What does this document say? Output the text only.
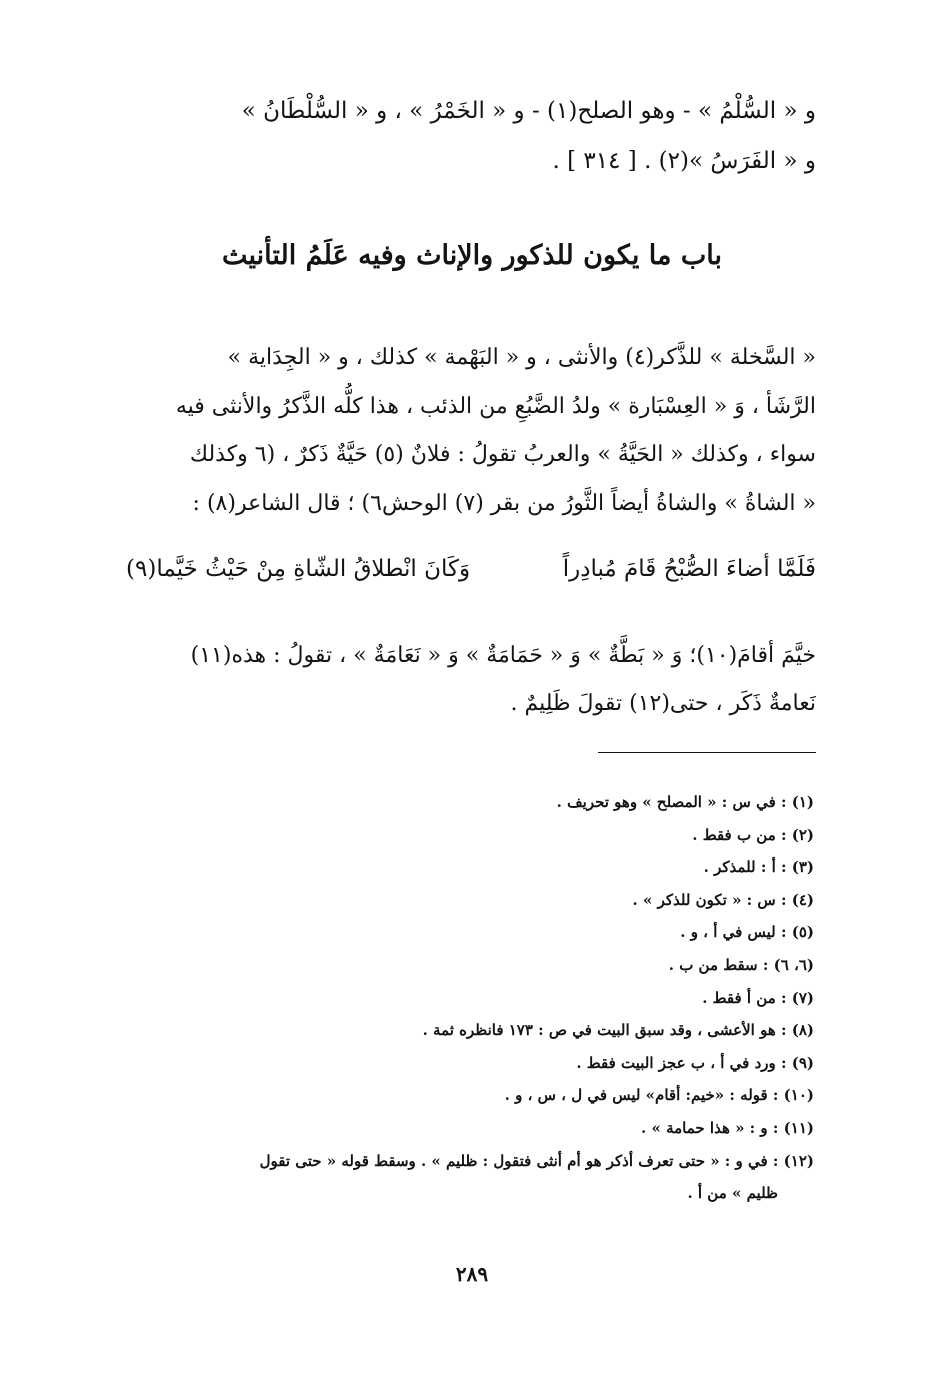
و « السُّلْمُ » - وهو الصلح(١) - و « الخَمْرُ » ، و « السُّلْطَانُ »
و « الفَرَسُ »(٢) . [ ٣١٤ ] .
باب ما يكون للذكور والإناث وفيه عَلَمُ التأنيث
« السَّخلة » للذَّكر(٤) والأنثى ، و « البَهْمة » كذلك ، و « الجِدَاية »
الرَّشَأ ، وَ « العِسْبَارة » ولدُ الضَّبُعِ من الذئب ، هذا كلُّه الذَّكرُ والأنثى فيه
سواء ، وكذلك « الحَيَّةُ » والعربُ تقولُ : فلانٌ (٥) حَيَّةٌ ذَكرٌ ، (٦ وكذلك
« الشاةُ » والشاةُ أيضاً الثَّورُ من بقر (٧) الوحش٦) ؛ قال الشاعر(٨) :
فَلَمَّا أضاءَ الصُّبْحُ قَامَ مُبادِراً
وَكَانَ انْطلاقُ الشّاةِ مِنْ حَيْثُ خَيَّما(٩)
خيَّمَ أقامَ(١٠)؛ وَ « بَطَّةٌ » وَ « حَمَامَةٌ » وَ « نَعَامَةٌ » ، تقولُ : هذه(١١)
نَعامةٌ ذَكَر ، حتى(١٢) تقولَ ظَلِيمٌ .
(١) : في س : « المصلح » وهو تحريف .
(٢) : من ب فقط .
(٣) : أ : للمذكر .
(٤) : س : « تكون للذكر » .
(٥) : ليس في أ ، و .
(٦، ٦) : سقط من ب .
(٧) : من أ فقط .
(٨) : هو الأعشى ، وقد سبق البيت في ص : ١٧٣ فانظره ثمة .
(٩) : ورد في أ ، ب عجز البيت فقط .
(١٠) : قوله : «خيم: أقام» ليس في ل ، س ، و .
(١١) : و : « هذا حمامة » .
(١٢) : في و : « حتى تعرف أذكر هو أم أنثى فتقول : ظليم » . وسقط قوله « حتى تقول
ظليم » من أ .
٢٨٩
